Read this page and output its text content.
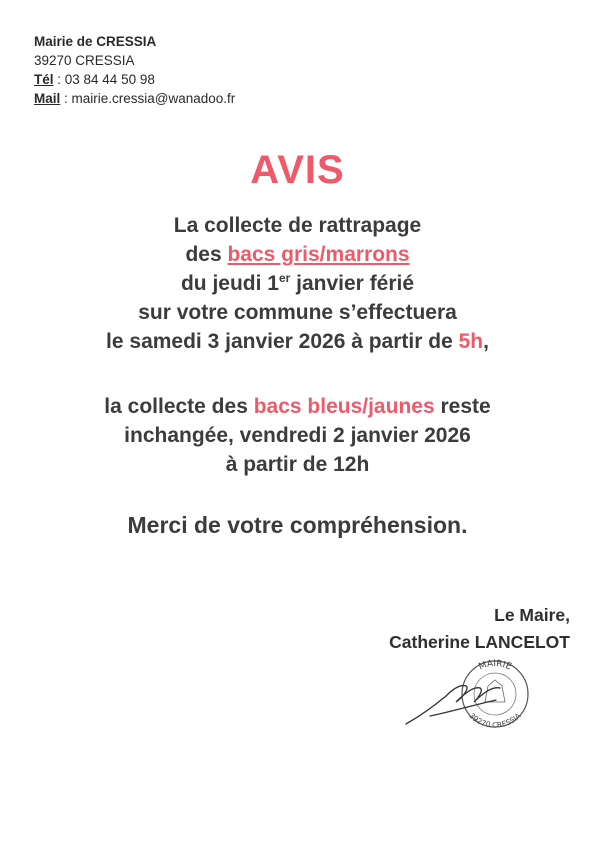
Mairie de CRESSIA
39270 CRESSIA
Tél : 03 84 44 50 98
Mail : mairie.cressia@wanadoo.fr
AVIS
La collecte de rattrapage
des bacs gris/marrons
du jeudi 1er janvier férié
sur votre commune s’effectuera
le samedi 3 janvier 2026 à partir de 5h,
la collecte des bacs bleus/jaunes reste
inchangée, vendredi 2 janvier 2026
à partir de 12h
Merci de votre compréhension.
Le Maire,
Catherine LANCELOT
MAIRIE
39270 CRESSIA
